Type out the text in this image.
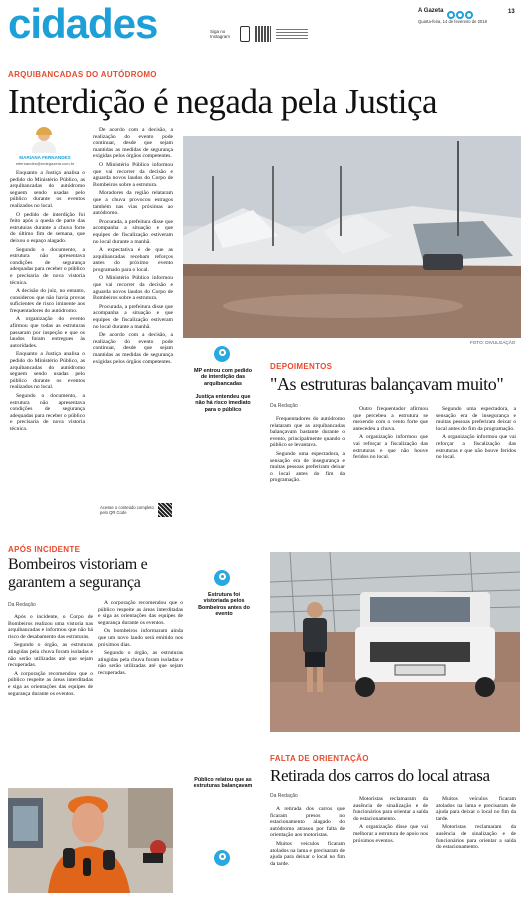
cidades	Siga no Instagram
A Gazeta
Quarta-feira, 14 de fevereiro de 2018
13
ARQUIBANCADAS DO AUTÓDROMO
Interdição é negada pela Justiça
MARIANA FERNANDES
mfernandes@redegazeta.com.br

Enquanto a Justiça analisa o pedido do Ministério Público, as arquibancadas do autódromo seguem sendo usadas pelo público durante os eventos realizados no local.

O pedido de interdição foi feito após a queda de parte das estruturas durante a chuva forte do último fim de semana, que deixou o espaço alagado.

Segundo o documento, a estrutura não apresentava condições de segurança adequadas para receber o público e precisaria de nova vistoria técnica.

A decisão do juiz, no entanto, considerou que não havia provas suficientes de risco iminente aos frequentadores do autódromo.

A organização do evento afirmou que todas as estruturas passaram por inspeção e que os laudos foram entregues às autoridades.

Enquanto a Justiça analisa o pedido do Ministério Público, as arquibancadas do autódromo seguem sendo usadas pelo público durante os eventos realizados no local.

Segundo o documento, a estrutura não apresentava condições de segurança adequadas para receber o público e precisaria de nova vistoria técnica.

De acordo com a decisão, a realização do evento pode continuar, desde que sejam mantidas as medidas de segurança exigidas pelos órgãos competentes.

O Ministério Público informou que vai recorrer da decisão e aguarda novos laudos do Corpo de Bombeiros sobre a estrutura.

Moradores da região relataram que a chuva provocou estragos também nas vias próximas ao autódromo.

Procurada, a prefeitura disse que acompanha a situação e que equipes de fiscalização estiveram no local durante a manhã.

A expectativa é de que as arquibancadas recebam reforços antes do próximo evento programado para o local.

O Ministério Público informou que vai recorrer da decisão e aguarda novos laudos do Corpo de Bombeiros sobre a estrutura.

Procurada, a prefeitura disse que acompanha a situação e que equipes de fiscalização estiveram no local durante a manhã.

De acordo com a decisão, a realização do evento pode continuar, desde que sejam mantidas as medidas de segurança exigidas pelos órgãos competentes.

Acesse o conteúdo completo pelo QR Code
FOTO: DIVULGAÇÃO
MP entrou com pedido de interdição das arquibancadas
Justiça entendeu que não há risco imediato para o público
Estrutura foi vistoriada pelos Bombeiros antes do evento
Público relatou que as estruturas balançavam
DEPOIMENTOS
"As estruturas balançavam muito"
Da Redação

Frequentadores do autódromo relataram que as arquibancadas balançavam bastante durante o evento, principalmente quando o público se levantava.

Segundo uma espectadora, a sensação era de insegurança e muitas pessoas preferiram deixar o local antes do fim da programação.

Outro frequentador afirmou que percebeu a estrutura se mexendo com o vento forte que antecedeu a chuva.

A organização informou que vai reforçar a fiscalização das estruturas e que não houve feridos no local.

Segundo uma espectadora, a sensação era de insegurança e muitas pessoas preferiram deixar o local antes do fim da programação.

A organização informou que vai reforçar a fiscalização das estruturas e que não houve feridos no local.

APÓS INCIDENTE
Bombeiros vistoriam e garantem a segurança
Da Redação

Após o incidente, o Corpo de Bombeiros realizou uma vistoria nas arquibancadas e informou que não há risco de desabamento das estruturas.

Segundo o órgão, as estruturas atingidas pela chuva foram isoladas e não serão utilizadas até que sejam recuperadas.

A corporação recomendou que o público respeite as áreas interditadas e siga as orientações das equipes de segurança durante os eventos.

A corporação recomendou que o público respeite as áreas interditadas e siga as orientações das equipes de segurança durante os eventos.

Os bombeiros informaram ainda que um novo laudo será emitido nos próximos dias.

Segundo o órgão, as estruturas atingidas pela chuva foram isoladas e não serão utilizadas até que sejam recuperadas.

FALTA DE ORIENTAÇÃO
Retirada dos carros do local atrasa
Da Redação

A retirada dos carros que ficaram presos no estacionamento alagado do autódromo atrasou por falta de orientação aos motoristas.

Muitos veículos ficaram atolados na lama e precisaram de ajuda para deixar o local no fim da tarde.

Motoristas reclamaram da ausência de sinalização e de funcionários para orientar a saída do estacionamento.

A organização disse que vai melhorar a estrutura de apoio nos próximos eventos.

Muitos veículos ficaram atolados na lama e precisaram de ajuda para deixar o local no fim da tarde.

Motoristas reclamaram da ausência de sinalização e de funcionários para orientar a saída do estacionamento.
